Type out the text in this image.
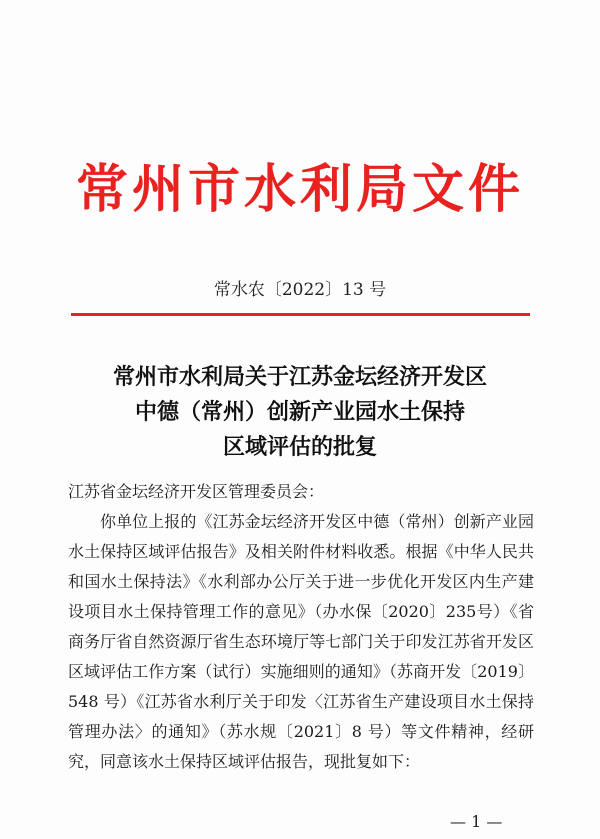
常州市水利局文件
常水农〔2022〕13 号
常州市水利局关于江苏金坛经济开发区
中德（常州）创新产业园水土保持
区域评估的批复
江苏省金坛经济开发区管理委员会：

你单位上报的《江苏金坛经济开发区中德（常州）创新产业园水土保持区域评估报告》及相关附件材料收悉。根据《中华人民共和国水土保持法》《水利部办公厅关于进一步优化开发区内生产建设项目水土保持管理工作的意见》（办水保〔2020〕235号）《省商务厅省自然资源厅省生态环境厅等七部门关于印发江苏省开发区区域评估工作方案（试行）实施细则的通知》（苏商开发〔2019〕548 号）《江苏省水利厅关于印发〈江苏省生产建设项目水土保持管理办法〉的通知》（苏水规〔2021〕8 号）等文件精神，经研究，同意该水土保持区域评估报告，现批复如下：

— 1 —
